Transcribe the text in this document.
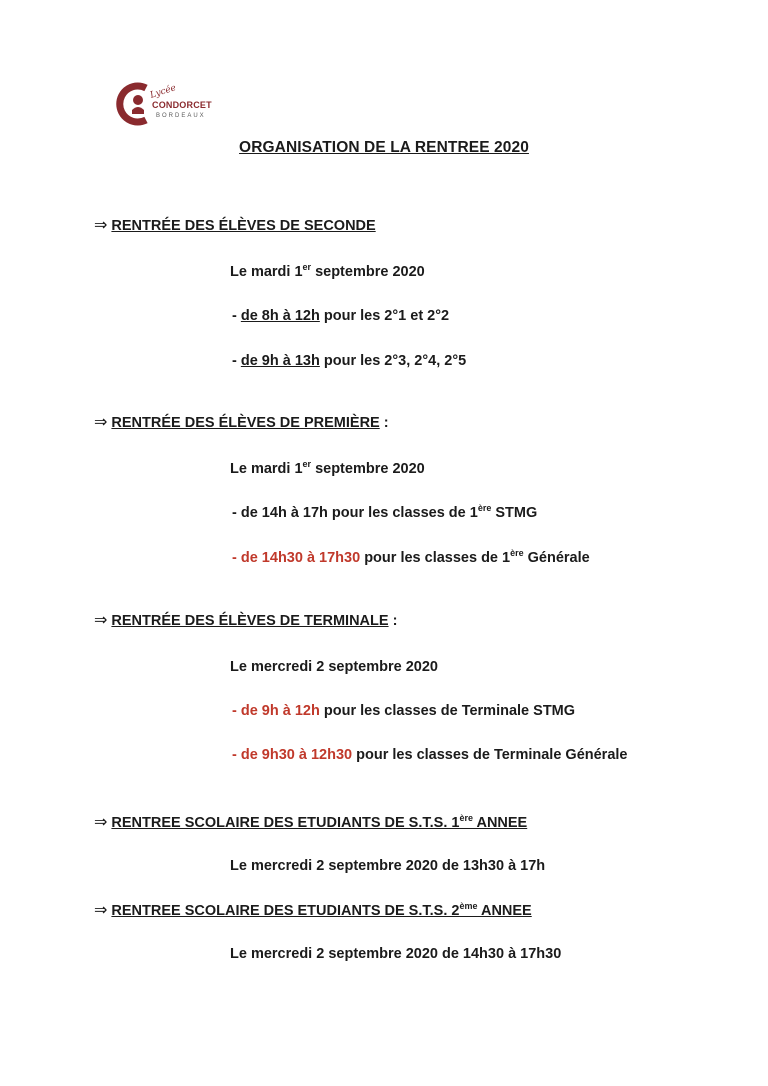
Lycée
CONDORCET
BORDEAUX
ORGANISATION DE LA RENTREE 2020
⇒ RENTRÉE DES ÉLÈVES DE SECONDE
Le mardi 1er septembre 2020
- de 8h à 12h pour les 2°1 et 2°2
- de 9h à 13h pour les 2°3, 2°4, 2°5
⇒ RENTRÉE DES ÉLÈVES DE PREMIÈRE :
Le mardi 1er septembre 2020
- de 14h à 17h pour les classes de 1ère STMG
- de 14h30 à 17h30 pour les classes de 1ère Générale
⇒ RENTRÉE DES ÉLÈVES DE TERMINALE :
Le mercredi 2 septembre 2020
- de 9h à 12h pour les classes de Terminale STMG
- de 9h30 à 12h30 pour les classes de Terminale Générale
⇒ RENTREE SCOLAIRE DES ETUDIANTS DE S.T.S. 1ère ANNEE
Le mercredi 2 septembre 2020 de 13h30 à 17h
⇒ RENTREE SCOLAIRE DES ETUDIANTS DE S.T.S. 2ème ANNEE
Le mercredi 2 septembre 2020 de 14h30 à 17h30
